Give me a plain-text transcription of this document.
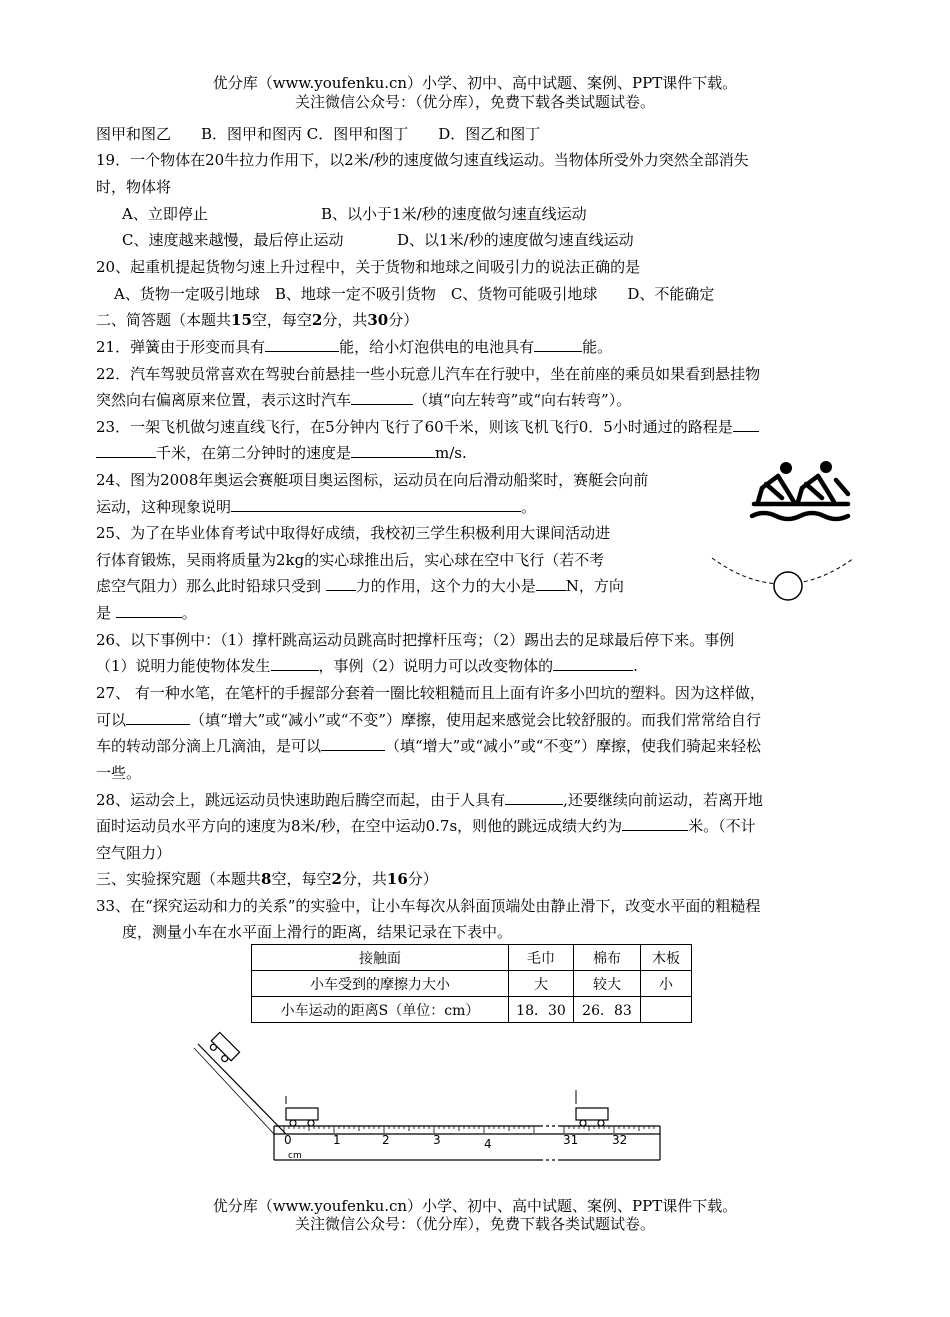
优分库（www.youfenku.cn）小学、初中、高中试题、案例、PPT课件下载。
关注微信公众号：（优分库），免费下载各类试题试卷。
图甲和图乙　　B．图甲和图丙 C．图甲和图丁　　D．图乙和图丁
19．一个物体在20牛拉力作用下，以2米/秒的速度做匀速直线运动。当物体所受外力突然全部消失
时，物体将
A、立即停止	B、以小于1米/秒的速度做匀速直线运动
C、速度越来越慢，最后停止运动	D、以1米/秒的速度做匀速直线运动
20、起重机提起货物匀速上升过程中，关于货物和地球之间吸引力的说法正确的是
A、货物一定吸引地球　B、地球一定不吸引货物　C、货物可能吸引地球　　D、不能确定
二、简答题（本题共15空，每空2分，共30分）
21．弹簧由于形变而具有	能，给小灯泡供电的电池具有	能。
22．汽车驾驶员常喜欢在驾驶台前悬挂一些小玩意儿汽车在行驶中，坐在前座的乘员如果看到悬挂物
突然向右偏离原来位置，表示这时汽车	（填“向左转弯”或“向右转弯”）。
23．一架飞机做匀速直线飞行，在5分钟内飞行了60千米，则该飞机飞行0．5小时通过的路程是
千米，在第二分钟时的速度是	m/s.
24、图为2008年奥运会赛艇项目奥运图标，运动员在向后滑动船桨时，赛艇会向前
运动，这种现象说明	。
25、为了在毕业体育考试中取得好成绩，我校初三学生积极利用大课间活动进
行体育锻炼，吴雨将质量为2kg的实心球推出后，实心球在空中飞行（若不考
虑空气阻力）那么此时铅球只受到 力的作用，这个力的大小是 N，方向
是	。
26、以下事例中：（1）撑杆跳高运动员跳高时把撑杆压弯；（2）踢出去的足球最后停下来。事例
（1）说明力能使物体发生	，事例（2）说明力可以改变物体的	.
27、 有一种水笔，在笔杆的手握部分套着一圈比较粗糙而且上面有许多小凹坑的塑料。因为这样做，
可以	（填“增大”或“减小”或“不变”）摩擦，使用起来感觉会比较舒服的。而我们常常给自行
车的转动部分滴上几滴油，是可以	（填“增大”或“减小”或“不变”）摩擦，使我们骑起来轻松
一些。
28、运动会上，跳远运动员快速助跑后腾空而起，由于人具有	,还要继续向前运动，若离开地
面时运动员水平方向的速度为8米/秒，在空中运动0.7s，则他的跳远成绩大约为	米。（不计
空气阻力）
三、实验探究题（本题共8空，每空2分，共16分）
33、在“探究运动和力的关系”的实验中，让小车每次从斜面顶端处由静止滑下，改变水平面的粗糙程
度，测量小车在水平面上滑行的距离，结果记录在下表中。
接触面	毛巾	棉布	木板
小车受到的摩擦力大小	大	较大	小
小车运动的距离S（单位：cm）	18．30	26．83	
0	1	2	3	4	31	32
cm
优分库（www.youfenku.cn）小学、初中、高中试题、案例、PPT课件下载。
关注微信公众号：（优分库），免费下载各类试题试卷。
